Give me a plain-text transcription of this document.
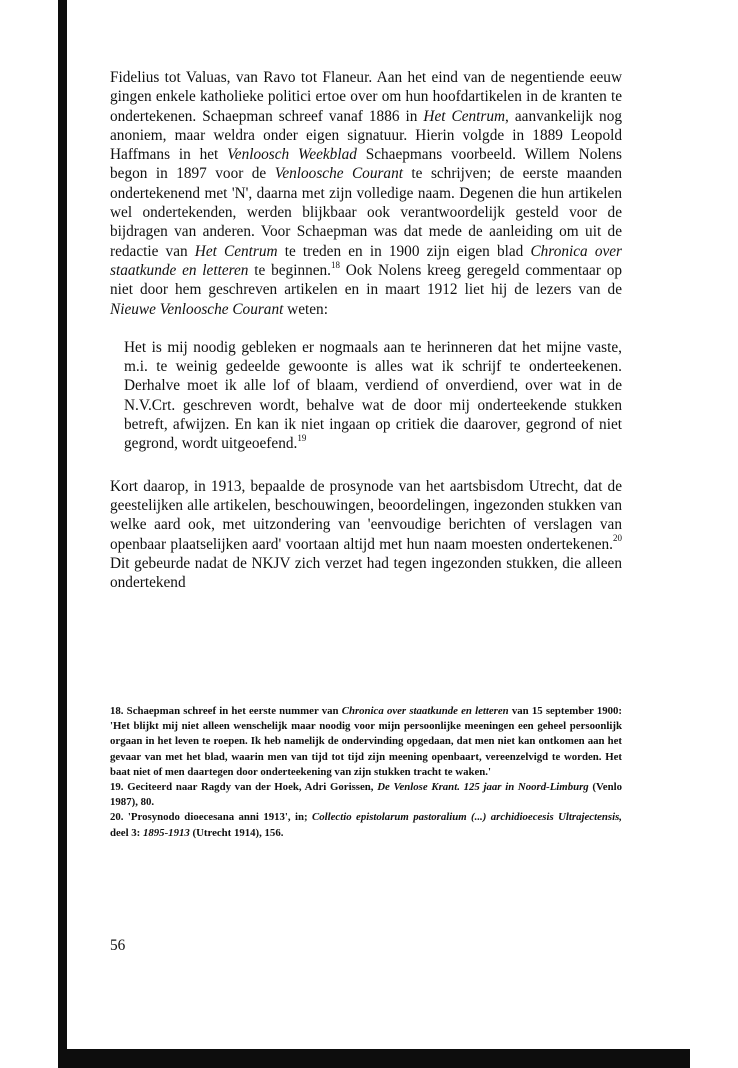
Fidelius tot Valuas, van Ravo tot Flaneur. Aan het eind van de negentiende eeuw gingen enkele katholieke politici ertoe over om hun hoofdartikelen in de kranten te ondertekenen. Schaepman schreef vanaf 1886 in Het Centrum, aanvankelijk nog anoniem, maar weldra onder eigen signatuur. Hierin volgde in 1889 Leopold Haffmans in het Venloosch Weekblad Schaepmans voorbeeld. Willem Nolens begon in 1897 voor de Venloosche Courant te schrijven; de eerste maanden ondertekenend met 'N', daarna met zijn volledige naam. Degenen die hun artikelen wel ondertekenden, werden blijkbaar ook verantwoordelijk gesteld voor de bijdragen van anderen. Voor Schaepman was dat mede de aanleiding om uit de redactie van Het Centrum te treden en in 1900 zijn eigen blad Chronica over staatkunde en letteren te beginnen.$^{18}$ Ook Nolens kreeg geregeld commentaar op niet door hem geschreven artikelen en in maart 1912 liet hij de lezers van de Nieuwe Venloosche Courant weten:

Het is mij noodig gebleken er nogmaals aan te herinneren dat het mijne vaste, m.i. te weinig gedeelde gewoonte is alles wat ik schrijf te onderteekenen. Derhalve moet ik alle lof of blaam, verdiend of onverdiend, over wat in de N.V.Crt. geschreven wordt, behalve wat de door mij onderteekende stukken betreft, afwijzen. En kan ik niet ingaan op critiek die daarover, gegrond of niet gegrond, wordt uitgeoefend.$^{19}$

Kort daarop, in 1913, bepaalde de prosynode van het aartsbisdom Utrecht, dat de geestelijken alle artikelen, beschouwingen, beoordelingen, ingezonden stukken van welke aard ook, met uitzondering van 'eenvoudige berichten of verslagen van openbaar plaatselijken aard' voortaan altijd met hun naam moesten ondertekenen.$^{20}$ Dit gebeurde nadat de NKJV zich verzet had tegen ingezonden stukken, die alleen ondertekend

18. Schaepman schreef in het eerste nummer van Chronica over staatkunde en letteren van 15 september 1900: 'Het blijkt mij niet alleen wenschelijk maar noodig voor mijn persoonlijke meeningen een geheel persoonlijk orgaan in het leven te roepen. Ik heb namelijk de ondervinding opgedaan, dat men niet kan ontkomen aan het gevaar van met het blad, waarin men van tijd tot tijd zijn meening openbaart, vereenzelvigd te worden. Het baat niet of men daartegen door onderteekening van zijn stukken tracht te waken.'

19. Geciteerd naar Ragdy van der Hoek, Adri Gorissen, De Venlose Krant. 125 jaar in Noord-Limburg (Venlo 1987), 80.

20. 'Prosynodo dioecesana anni 1913', in; Collectio epistolarum pastoralium (...) archidioecesis Ultrajectensis, deel 3: 1895-1913 (Utrecht 1914), 156.

56
